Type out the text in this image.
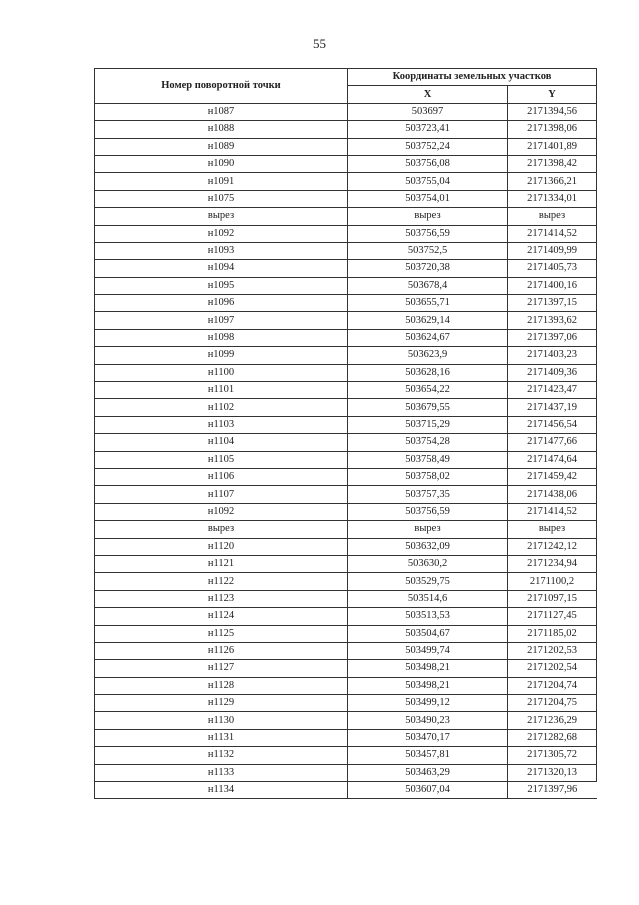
55
Номер поворотной точки	Координаты земельных участков	
	X	Y
н1087	503697	2171394,56
н1088	503723,41	2171398,06
н1089	503752,24	2171401,89
н1090	503756,08	2171398,42
н1091	503755,04	2171366,21
н1075	503754,01	2171334,01
вырез	вырез	вырез
н1092	503756,59	2171414,52
н1093	503752,5	2171409,99
н1094	503720,38	2171405,73
н1095	503678,4	2171400,16
н1096	503655,71	2171397,15
н1097	503629,14	2171393,62
н1098	503624,67	2171397,06
н1099	503623,9	2171403,23
н1100	503628,16	2171409,36
н1101	503654,22	2171423,47
н1102	503679,55	2171437,19
н1103	503715,29	2171456,54
н1104	503754,28	2171477,66
н1105	503758,49	2171474,64
н1106	503758,02	2171459,42
н1107	503757,35	2171438,06
н1092	503756,59	2171414,52
вырез	вырез	вырез
н1120	503632,09	2171242,12
н1121	503630,2	2171234,94
н1122	503529,75	2171100,2
н1123	503514,6	2171097,15
н1124	503513,53	2171127,45
н1125	503504,67	2171185,02
н1126	503499,74	2171202,53
н1127	503498,21	2171202,54
н1128	503498,21	2171204,74
н1129	503499,12	2171204,75
н1130	503490,23	2171236,29
н1131	503470,17	2171282,68
н1132	503457,81	2171305,72
н1133	503463,29	2171320,13
н1134	503607,04	2171397,96
